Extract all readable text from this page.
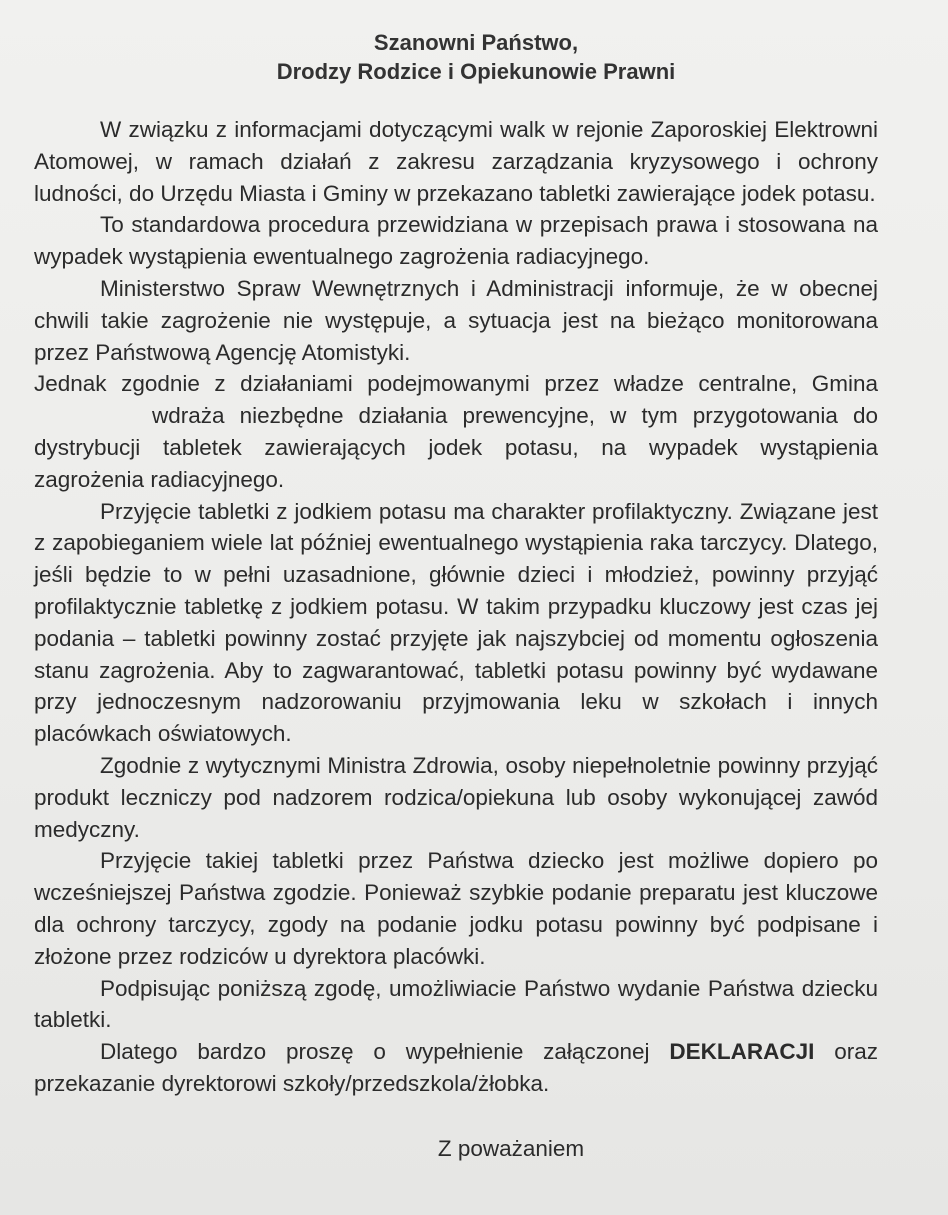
Szanowni Państwo,
Drodzy Rodzice i Opiekunowie Prawni

W związku z informacjami dotyczącymi walk w rejonie Zaporoskiej Elektrowni Atomowej, w ramach działań z zakresu zarządzania kryzysowego i ochrony ludności, do Urzędu Miasta i Gminy w przekazano tabletki zawierające jodek potasu.

To standardowa procedura przewidziana w przepisach prawa i stosowana na wypadek wystąpienia ewentualnego zagrożenia radiacyjnego.

Ministerstwo Spraw Wewnętrznych i Administracji informuje, że w obecnej chwili takie zagrożenie nie występuje, a sytuacja jest na bieżąco monitorowana przez Państwową Agencję Atomistyki.

Jednak zgodnie z działaniami podejmowanymi przez władze centralne, Gminawdraża niezbędne działania prewencyjne, w tym przygotowania do dystrybucji tabletek zawierających jodek potasu, na wypadek wystąpienia zagrożenia radiacyjnego.

Przyjęcie tabletki z jodkiem potasu ma charakter profilaktyczny. Związane jest z zapobieganiem wiele lat później ewentualnego wystąpienia raka tarczycy. Dlatego, jeśli będzie to w pełni uzasadnione, głównie dzieci i młodzież, powinny przyjąć profilaktycznie tabletkę z jodkiem potasu. W takim przypadku kluczowy jest czas jej podania – tabletki powinny zostać przyjęte jak najszybciej od momentu ogłoszenia stanu zagrożenia. Aby to zagwarantować, tabletki potasu powinny być wydawane przy jednoczesnym nadzorowaniu przyjmowania leku w szkołach i innych placówkach oświatowych.

Zgodnie z wytycznymi Ministra Zdrowia, osoby niepełnoletnie powinny przyjąć produkt leczniczy pod nadzorem rodzica/opiekuna lub osoby wykonującej zawód medyczny.

Przyjęcie takiej tabletki przez Państwa dziecko jest możliwe dopiero po wcześniejszej Państwa zgodzie. Ponieważ szybkie podanie preparatu jest kluczowe dla ochrony tarczycy, zgody na podanie jodku potasu powinny być podpisane i złożone przez rodziców u dyrektora placówki.

Podpisując poniższą zgodę, umożliwiacie Państwo wydanie Państwa dziecku tabletki.

Dlatego bardzo proszę o wypełnienie załączonej DEKLARACJI oraz przekazanie dyrektorowi szkoły/przedszkola/żłobka.

Z poważaniem
